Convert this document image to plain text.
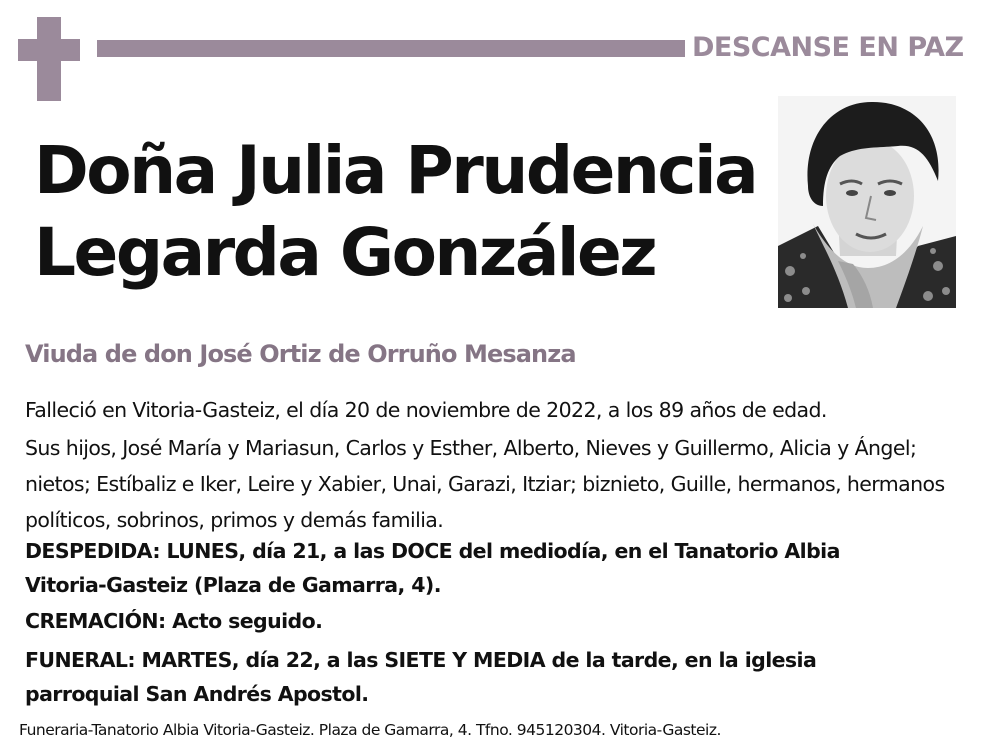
DESCANSE EN PAZ
Doña Julia Prudencia
Legarda González
Viuda de don José Ortiz de Orruño Mesanza
Falleció en Vitoria-Gasteiz, el día 20 de noviembre de 2022, a los 89 años de edad.
Sus hijos, José María y Mariasun, Carlos y Esther, Alberto, Nieves y Guillermo, Alicia y Ángel; nietos; Estíbaliz e Iker, Leire y Xabier, Unai, Garazi, Itziar; biznieto, Guille, hermanos, hermanos políticos, sobrinos, primos y demás familia.
DESPEDIDA: LUNES, día 21, a las DOCE del mediodía, en el Tanatorio Albia Vitoria-Gasteiz (Plaza de Gamarra, 4).
CREMACIÓN: Acto seguido.
FUNERAL: MARTES, día 22, a las SIETE Y MEDIA de la tarde, en la iglesia parroquial San Andrés Apostol.
Funeraria-Tanatorio Albia Vitoria-Gasteiz. Plaza de Gamarra, 4. Tfno. 945120304. Vitoria-Gasteiz.
